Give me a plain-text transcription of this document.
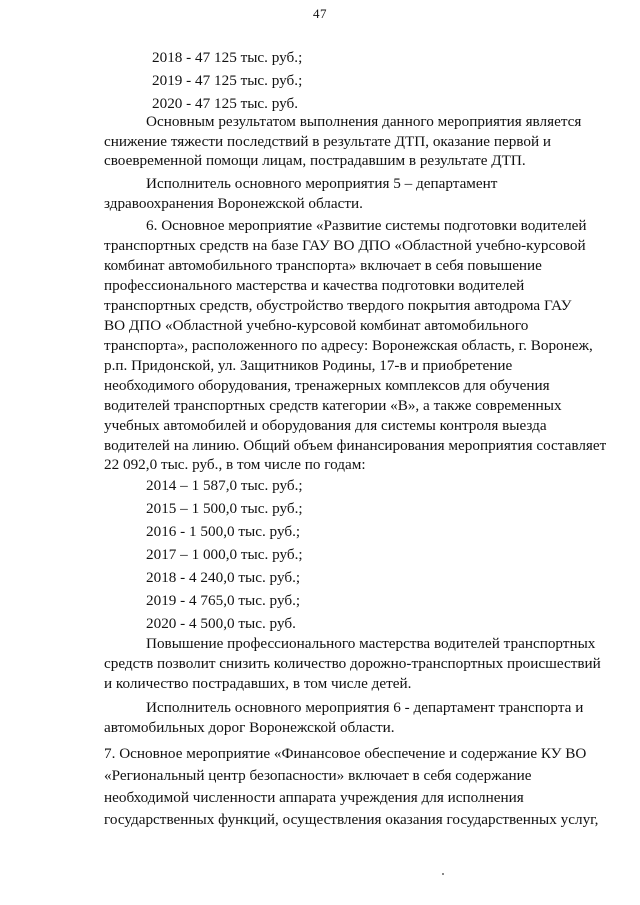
47
2018 - 47 125 тыс. руб.;
2019 - 47 125 тыс. руб.;
2020 - 47 125 тыс. руб.
Основным результатом выполнения данного мероприятия является
снижение тяжести последствий в результате ДТП, оказание первой и
своевременной помощи лицам, пострадавшим в результате ДТП.
Исполнитель основного мероприятия 5 – департамент
здравоохранения Воронежской области.
6. Основное мероприятие «Развитие системы подготовки водителей
транспортных средств на базе ГАУ ВО ДПО «Областной учебно-курсовой
комбинат автомобильного транспорта» включает в себя повышение
профессионального мастерства и качества подготовки водителей
транспортных средств, обустройство твердого покрытия автодрома ГАУ
ВО ДПО «Областной учебно-курсовой комбинат автомобильного
транспорта», расположенного по адресу: Воронежская область, г. Воронеж,
р.п. Придонской, ул. Защитников Родины, 17-в и приобретение
необходимого оборудования, тренажерных комплексов для обучения
водителей транспортных средств категории «В», а также современных
учебных автомобилей и оборудования для системы контроля выезда
водителей на линию. Общий объем финансирования мероприятия составляет
22 092,0 тыс. руб., в том числе по годам:
2014 – 1 587,0 тыс. руб.;
2015 – 1 500,0 тыс. руб.;
2016 - 1 500,0 тыс. руб.;
2017 – 1 000,0 тыс. руб.;
2018 - 4 240,0 тыс. руб.;
2019 - 4 765,0 тыс. руб.;
2020 - 4 500,0 тыс. руб.
Повышение профессионального мастерства водителей транспортных
средств позволит снизить количество дорожно-транспортных происшествий
и количество пострадавших, в том числе детей.
Исполнитель основного мероприятия 6 - департамент транспорта и
автомобильных дорог Воронежской области.
7. Основное мероприятие «Финансовое обеспечение и содержание КУ ВО
«Региональный центр безопасности» включает в себя содержание
необходимой численности аппарата учреждения для исполнения
государственных функций, осуществления оказания государственных услуг,
